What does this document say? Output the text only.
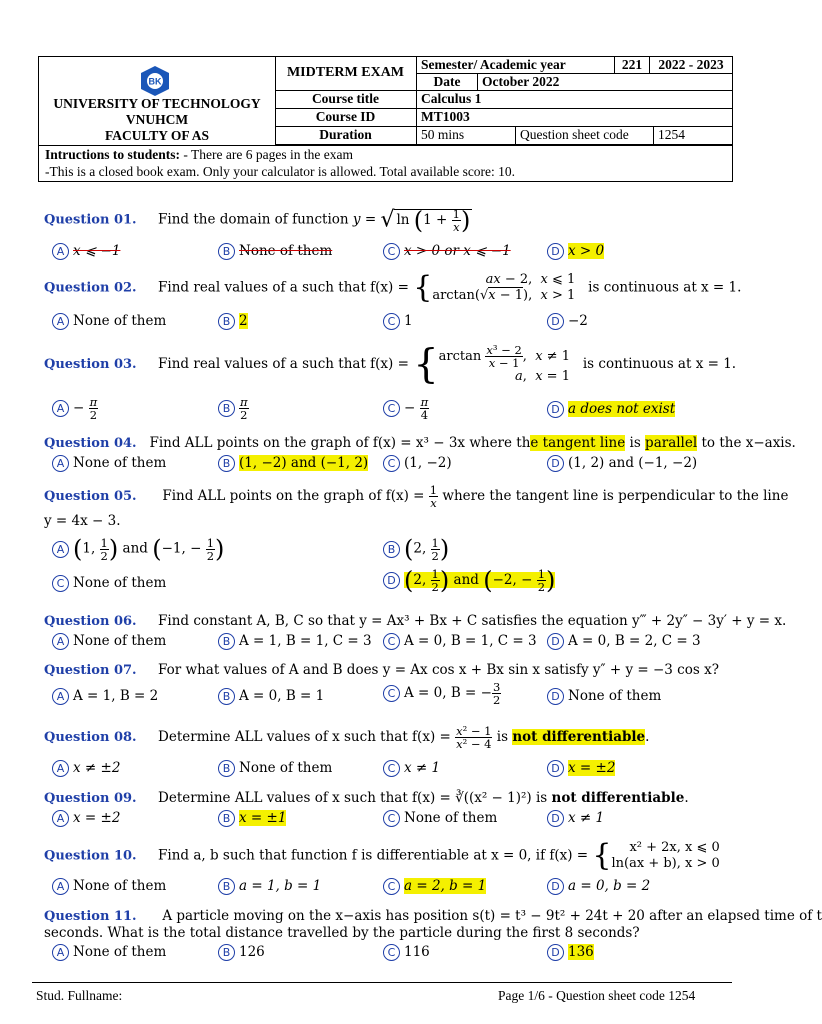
BK
UNIVERSITY OF TECHNOLOGY
VNUHCM
FACULTY OF AS
MIDTERM EXAM
Semester/ Academic year	221	2022 - 2023
Date	October 2022
Course title	Calculus 1
Course ID	MT1003
Duration	50 mins	Question sheet code	1254
Intructions to students: - There are 6 pages in the exam
-This is a closed book exam. Only your calculator is allowed. Total available score: 10.
Question 01. Find the domain of function y = √ $\ln (1 + \frac{1}{x}$ )
A x ⩽ −1	B None of them	C x > 0 or x ⩽ −1	D x > 0
Question 02. Find real values of a such that f(x) = {	ax − 2,  x ⩽ 1
arctan(√x − 1),  x > 1 is continuous at x = 1.
A None of them	B 2	C 1	D −2
Question 03. Find real values of a such that $f(x) = \{\arctan \frac{\text{x³ − 2}}{x - 1}$ ,  x ≠ 1
a,  x = 1   is continuous at x = 1.
$A - \frac{\pi}{2}$	B $\frac{\pi}{2}$	$C - \frac{\pi}{4}$	D a does not exist
Question 04. Find ALL points on the graph of f(x) = x³ − 3x where the tangent line is parallel to the x−axis.
A None of them	B (1, −2) and (−1, 2)	C (1, −2)	D (1, 2) and (−1, −2)
Question 05. Find ALL points on the graph of $f(x) = \frac{1}{x}$ where the tangent line is perpendicular to the line
y = 4x − 3.
A (1, $\frac{1}{2}$ ) and (−1, − $\frac{1}{2}$ )	B (2, $\frac{1}{2}$ )
C None of them	D (2, $\frac{1}{2}$ ) and (−2, − $\frac{1}{2}$ )
Question 06. Find constant A, B, C so that y = Ax³ + Bx + C satisfies the equation y‴ + 2y″ − 3y′ + y = x.
A None of them	B A = 1, B = 1, C = 3	C A = 0, B = 1, C = 3	D A = 0, B = 2, C = 3
Question 07. For what values of A and B does y = Ax cos x + Bx sin x satisfy y″ + y = −3 cos x?
A A = 1, B = 2	B A = 0, B = 1	C A = 0, B = − $\frac{3}{2}$	D None of them
Question 08. Determine ALL values of x such that $f(x) = \frac{\text{x² − 1}}{\text{x² − 4}}$ is not differentiable.
A x ≠ ±2	B None of them	C x ≠ 1	D x = ±2
Question 09. Determine ALL values of x such that f(x) = ∛((x² − 1)²) is not differentiable.
A x = ±2	B x = ±1	C None of them	D x ≠ 1
Question 10. Find a, b such that function f is differentiable at x = 0, if f(x) = { x² + 2x, x ⩽ 0
ln(ax + b), x > 0
A None of them	B a = 1, b = 1	C a = 2, b = 1	D a = 0, b = 2
Question 11. A particle moving on the x−axis has position s(t) = t³ − 9t² + 24t + 20 after an elapsed time of t
seconds. What is the total distance travelled by the particle during the first 8 seconds?
A None of them	B 126	C 116	D 136
Stud. Fullname:	Page 1/6 - Question sheet code 1254
